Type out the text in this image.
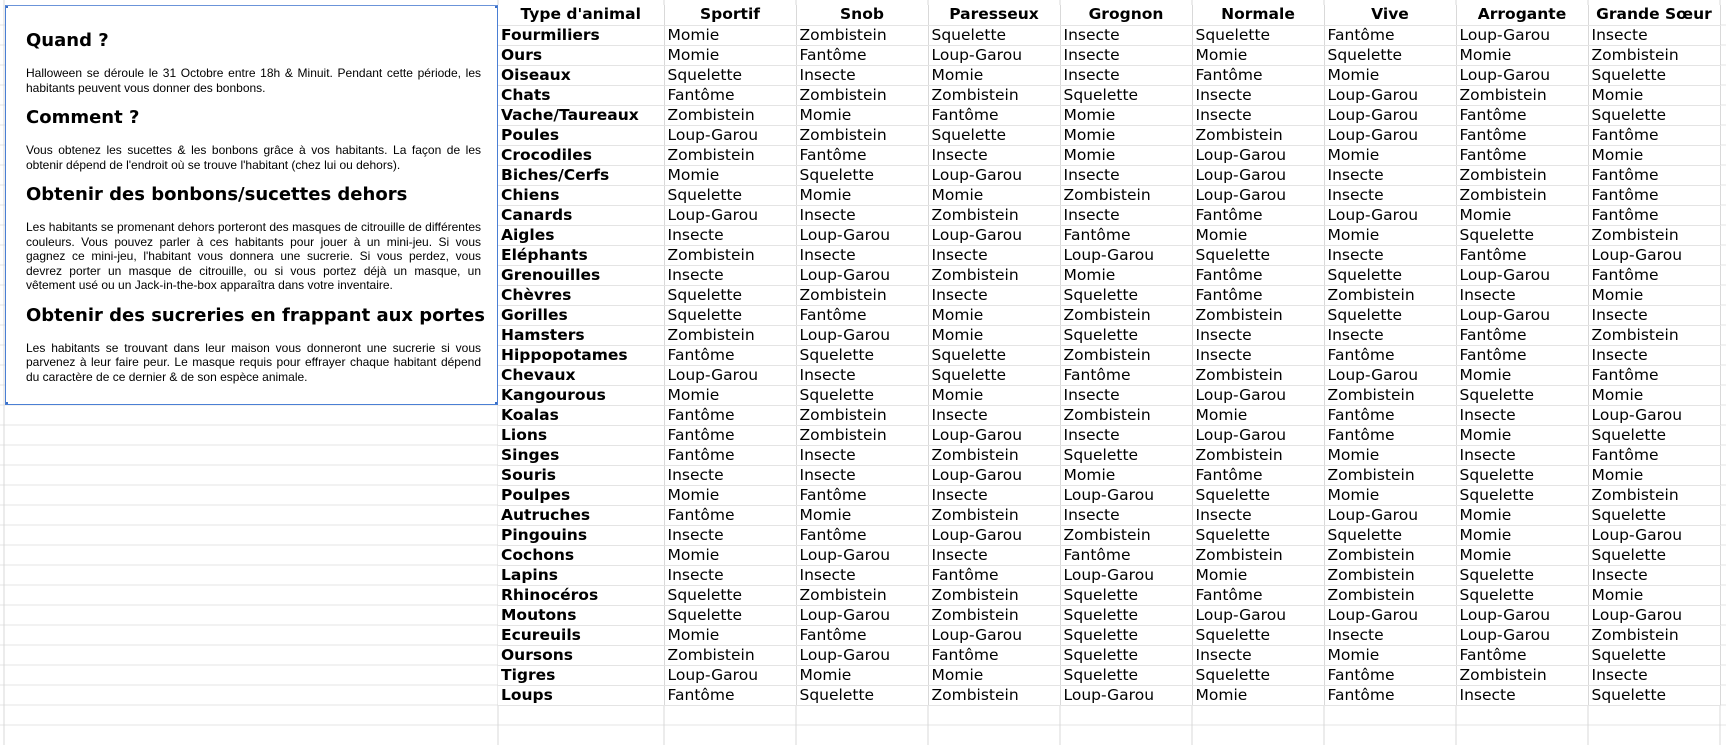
Quand ?

Halloween se déroule le 31 Octobre entre 18h & Minuit. Pendant cette période, les habitants peuvent vous donner des bonbons.

Comment ?

Vous obtenez les sucettes & les bonbons grâce à vos habitants. La façon de les obtenir dépend de l'endroit où se trouve l'habitant (chez lui ou dehors).

Obtenir des bonbons/sucettes dehors

Les habitants se promenant dehors porteront des masques de citrouille de différentes couleurs. Vous pouvez parler à ces habitants pour jouer à un mini-jeu. Si vous gagnez ce mini-jeu, l'habitant vous donnera une sucrerie. Si vous perdez, vous devrez porter un masque de citrouille, ou si vous portez déjà un masque, un vêtement usé ou un Jack-in-the-box apparaîtra dans votre inventaire.

Obtenir des sucreries en frappant aux portes

Les habitants se trouvant dans leur maison vous donneront une sucrerie si vous parvenez à leur faire peur. Le masque requis pour effrayer chaque habitant dépend du caractère de ce dernier & de son espèce animale.

Type d'animal	Sportif	Snob	Paresseux	Grognon	Normale	Vive	Arrogante	Grande Sœur
Fourmiliers	Momie	Zombistein	Squelette	Insecte	Squelette	Fantôme	Loup-Garou	Insecte
Ours	Momie	Fantôme	Loup-Garou	Insecte	Momie	Squelette	Momie	Zombistein
Oiseaux	Squelette	Insecte	Momie	Insecte	Fantôme	Momie	Loup-Garou	Squelette
Chats	Fantôme	Zombistein	Zombistein	Squelette	Insecte	Loup-Garou	Zombistein	Momie
Vache/Taureaux	Zombistein	Momie	Fantôme	Momie	Insecte	Loup-Garou	Fantôme	Squelette
Poules	Loup-Garou	Zombistein	Squelette	Momie	Zombistein	Loup-Garou	Fantôme	Fantôme
Crocodiles	Zombistein	Fantôme	Insecte	Momie	Loup-Garou	Momie	Fantôme	Momie
Biches/Cerfs	Momie	Squelette	Loup-Garou	Insecte	Loup-Garou	Insecte	Zombistein	Fantôme
Chiens	Squelette	Momie	Momie	Zombistein	Loup-Garou	Insecte	Zombistein	Fantôme
Canards	Loup-Garou	Insecte	Zombistein	Insecte	Fantôme	Loup-Garou	Momie	Fantôme
Aigles	Insecte	Loup-Garou	Loup-Garou	Fantôme	Momie	Momie	Squelette	Zombistein
Eléphants	Zombistein	Insecte	Insecte	Loup-Garou	Squelette	Insecte	Fantôme	Loup-Garou
Grenouilles	Insecte	Loup-Garou	Zombistein	Momie	Fantôme	Squelette	Loup-Garou	Fantôme
Chèvres	Squelette	Zombistein	Insecte	Squelette	Fantôme	Zombistein	Insecte	Momie
Gorilles	Squelette	Fantôme	Momie	Zombistein	Zombistein	Squelette	Loup-Garou	Insecte
Hamsters	Zombistein	Loup-Garou	Momie	Squelette	Insecte	Insecte	Fantôme	Zombistein
Hippopotames	Fantôme	Squelette	Squelette	Zombistein	Insecte	Fantôme	Fantôme	Insecte
Chevaux	Loup-Garou	Insecte	Squelette	Fantôme	Zombistein	Loup-Garou	Momie	Fantôme
Kangourous	Momie	Squelette	Momie	Insecte	Loup-Garou	Zombistein	Squelette	Momie
Koalas	Fantôme	Zombistein	Insecte	Zombistein	Momie	Fantôme	Insecte	Loup-Garou
Lions	Fantôme	Zombistein	Loup-Garou	Insecte	Loup-Garou	Fantôme	Momie	Squelette
Singes	Fantôme	Insecte	Zombistein	Squelette	Zombistein	Momie	Insecte	Fantôme
Souris	Insecte	Insecte	Loup-Garou	Momie	Fantôme	Zombistein	Squelette	Momie
Poulpes	Momie	Fantôme	Insecte	Loup-Garou	Squelette	Momie	Squelette	Zombistein
Autruches	Fantôme	Momie	Zombistein	Insecte	Insecte	Loup-Garou	Momie	Squelette
Pingouins	Insecte	Fantôme	Loup-Garou	Zombistein	Squelette	Squelette	Momie	Loup-Garou
Cochons	Momie	Loup-Garou	Insecte	Fantôme	Zombistein	Zombistein	Momie	Squelette
Lapins	Insecte	Insecte	Fantôme	Loup-Garou	Momie	Zombistein	Squelette	Insecte
Rhinocéros	Squelette	Zombistein	Zombistein	Squelette	Fantôme	Zombistein	Squelette	Momie
Moutons	Squelette	Loup-Garou	Zombistein	Squelette	Loup-Garou	Loup-Garou	Loup-Garou	Loup-Garou
Ecureuils	Momie	Fantôme	Loup-Garou	Squelette	Squelette	Insecte	Loup-Garou	Zombistein
Oursons	Zombistein	Loup-Garou	Fantôme	Squelette	Insecte	Momie	Fantôme	Squelette
Tigres	Loup-Garou	Momie	Momie	Squelette	Squelette	Fantôme	Zombistein	Insecte
Loups	Fantôme	Squelette	Zombistein	Loup-Garou	Momie	Fantôme	Insecte	Squelette
